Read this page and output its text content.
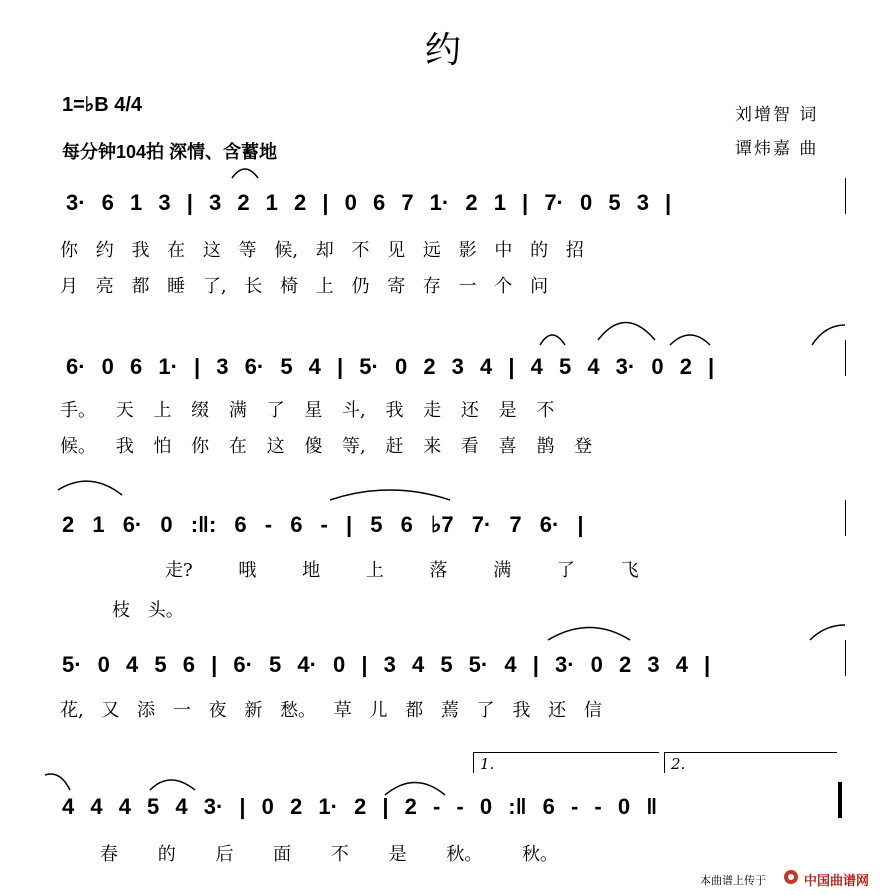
约
1=♭B 4/4
每分钟104拍 深情、含蓄地
刘增智 词
谭炜嘉 曲
3· 6 1 3 | 3 2 1 2 | 0 6 7 1· 2 1 | 7· 0 5 3 |
你 约 我 在 这 等 候, 却 不 见 远 影 中 的 招
月 亮 都 睡 了, 长 椅 上 仍 寄 存 一 个 问
6· 0 6 1· | 3 6· 5 4 | 5· 0 2 3 4 | 4 5 4 3· 0 2 |
手。 天 上 缀 满 了 星 斗, 我 走 还 是 不
候。 我 怕 你 在 这 傻 等, 赶 来 看 喜 鹊 登
2 1 6· 0 :‖: 6 - 6 - | 5 6 ♭7 7· 7 6· |
走? 哦 地 上 落 满 了 飞
枝 头。
5· 0 4 5 6 | 6· 5 4· 0 | 3 4 5 5· 4 | 3· 0 2 3 4 |
花, 又 添 一 夜 新 愁。 草 儿 都 蔫 了 我 还 信
1.	2.
4 4 4 5 4 3· | 0 2 1· 2 | 2 - - 0 :‖ 6 - - 0 ‖
春 的 后 面 不 是 秋。 秋。
本曲谱上传于	中国曲谱网
